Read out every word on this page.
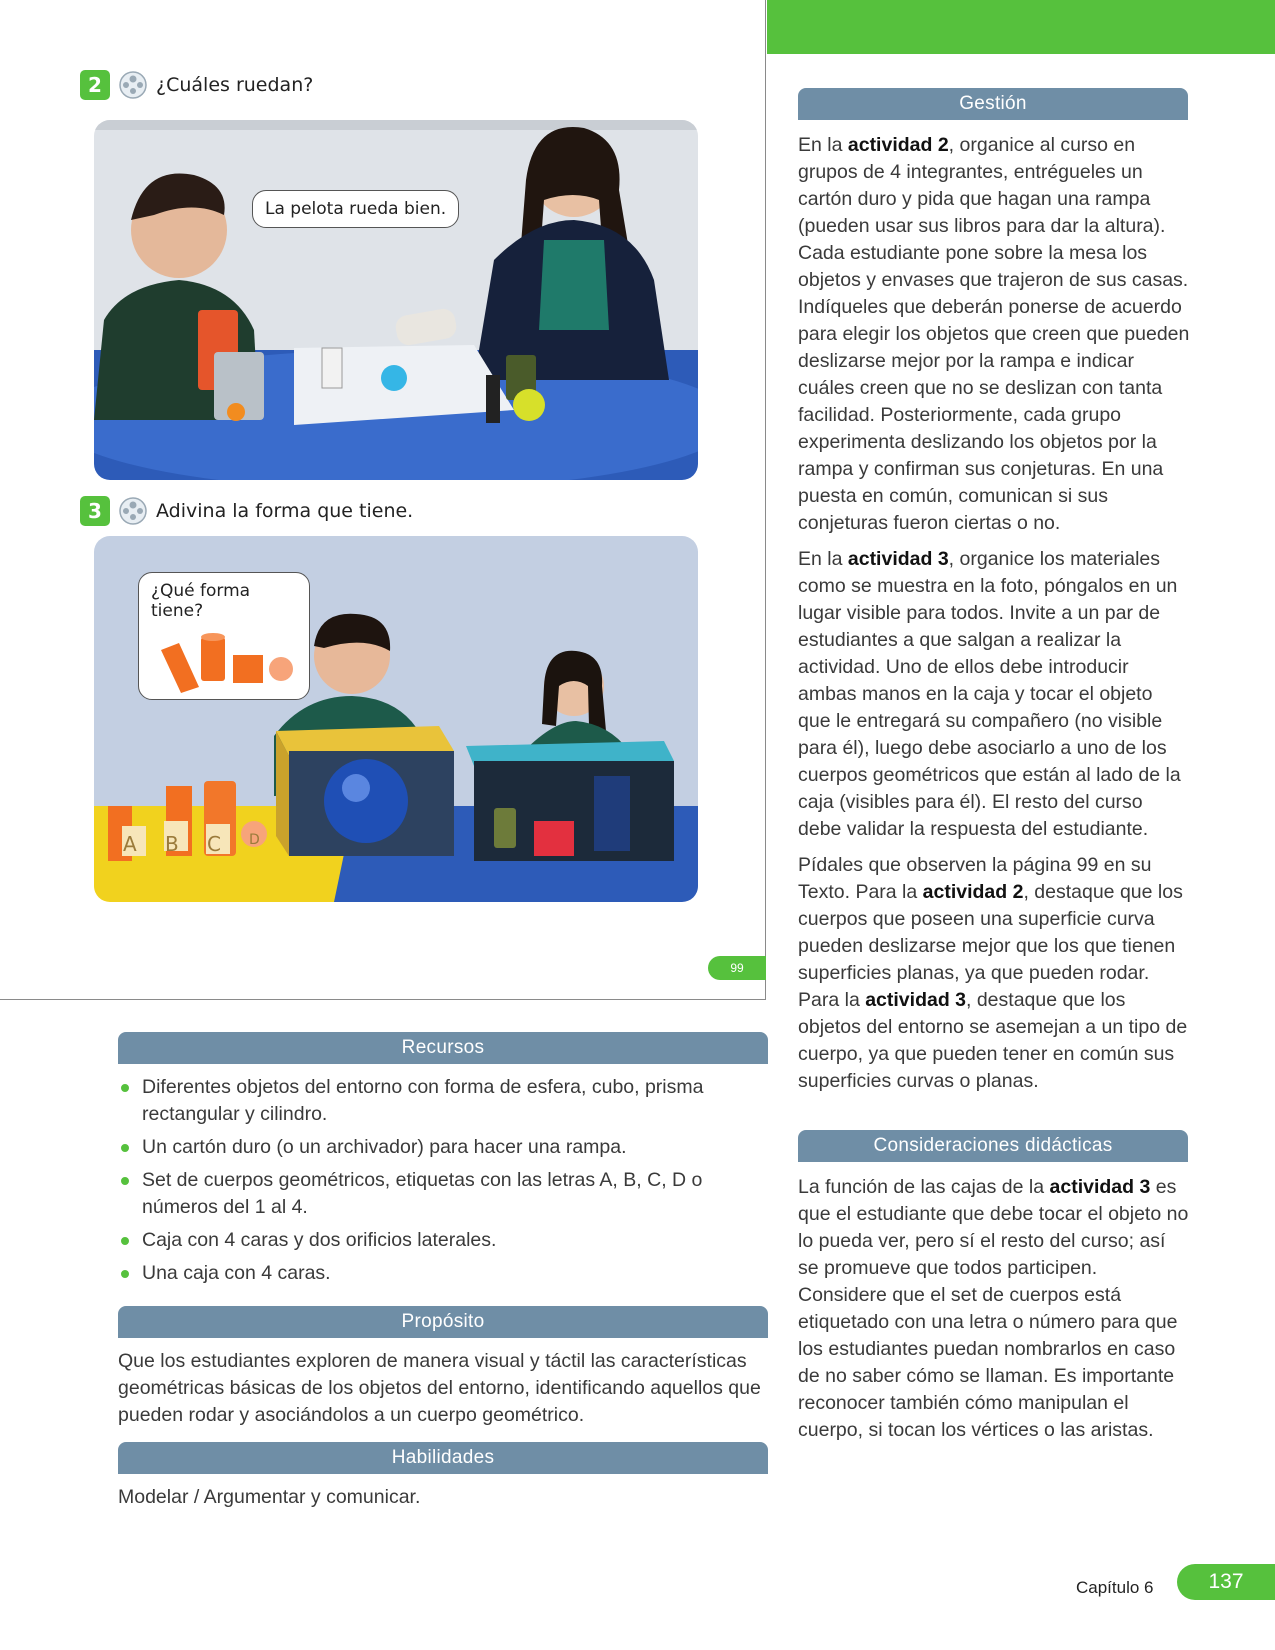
2	¿Cuáles ruedan?
La pelota rueda bien.
3	Adivina la forma que tiene.
¿Qué forma tiene?
A B C D
99
Gestión

En la actividad 2, organice al curso en grupos de 4 integrantes, entrégueles un cartón duro y pida que hagan una rampa (pueden usar sus libros para dar la altura). Cada estudiante pone sobre la mesa los objetos y envases que trajeron de sus casas. Indíqueles que deberán ponerse de acuerdo para elegir los objetos que creen que pueden deslizarse mejor por la rampa e indicar cuáles creen que no se deslizan con tanta facilidad. Posteriormente, cada grupo experimenta deslizando los objetos por la rampa y confirman sus conjeturas. En una puesta en común, comunican si sus conjeturas fueron ciertas o no.

En la actividad 3, organice los materiales como se muestra en la foto, póngalos en un lugar visible para todos. Invite a un par de estudiantes a que salgan a realizar la actividad. Uno de ellos debe introducir ambas manos en la caja y tocar el objeto que le entregará su compañero (no visible para él), luego debe asociarlo a uno de los cuerpos geométricos que están al lado de la caja (visibles para él). El resto del curso debe validar la respuesta del estudiante.

Pídales que observen la página 99 en su Texto. Para la actividad 2, destaque que los cuerpos que poseen una superficie curva pueden deslizarse mejor que los que tienen superficies planas, ya que pueden rodar. Para la actividad 3, destaque que los objetos del entorno se asemejan a un tipo de cuerpo, ya que pueden tener en común sus superficies curvas o planas.

Consideraciones didácticas

La función de las cajas de la actividad 3 es que el estudiante que debe tocar el objeto no lo pueda ver, pero sí el resto del curso; así se promueve que todos participen. Considere que el set de cuerpos está etiquetado con una letra o número para que los estudiantes puedan nombrarlos en caso de no saber cómo se llaman. Es importante reconocer también cómo manipulan el cuerpo, si tocan los vértices o las aristas.

Recursos
Diferentes objetos del entorno con forma de esfera, cubo, prisma rectangular y cilindro.
Un cartón duro (o un archivador) para hacer una rampa.
Set de cuerpos geométricos, etiquetas con las letras A, B, C, D o números del 1 al 4.
Caja con 4 caras y dos orificios laterales.
Una caja con 4 caras.
Propósito
Que los estudiantes exploren de manera visual y táctil las características geométricas básicas de los objetos del entorno, identificando aquellos que pueden rodar y asociándolos a un cuerpo geométrico.
Habilidades
Modelar / Argumentar y comunicar.
Capítulo 6	137
